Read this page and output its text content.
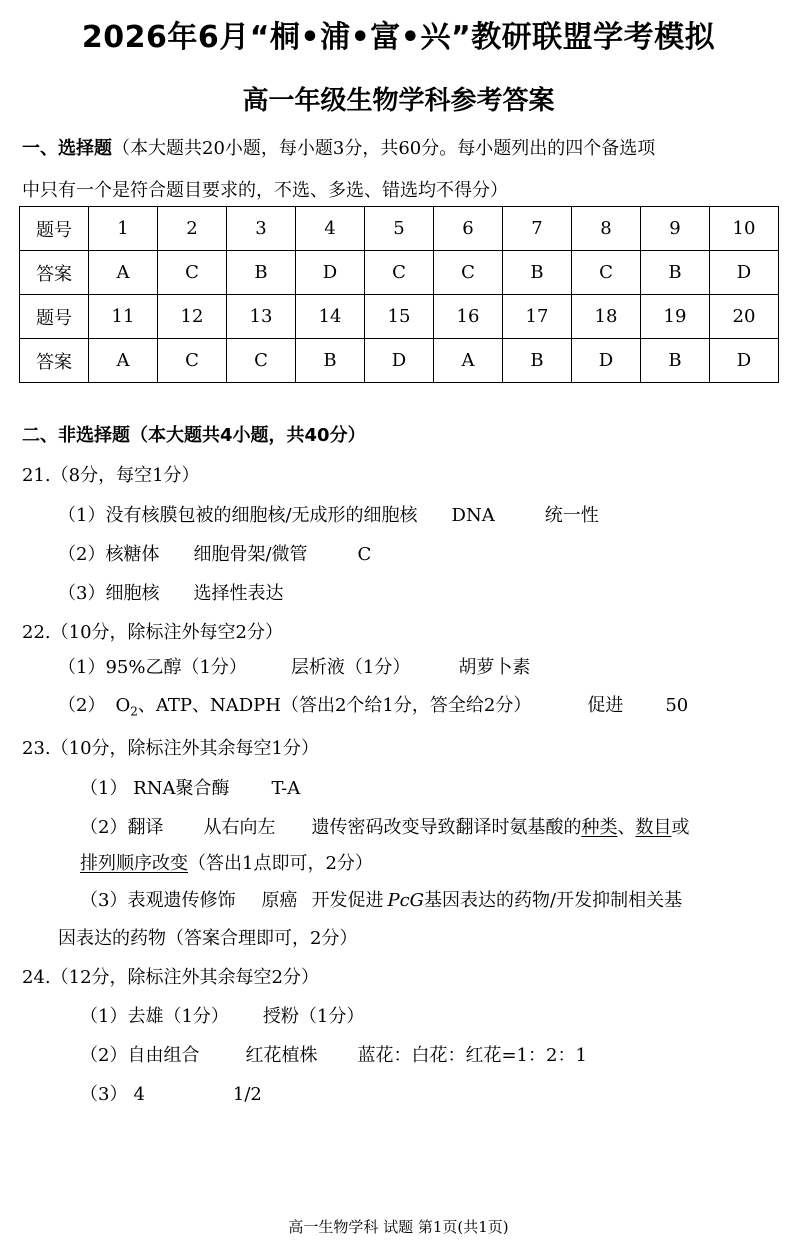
2026年6月“桐•浦•富•兴”教研联盟学考模拟
高一年级生物学科参考答案
一、选择题（本大题共20小题，每小题3分，共60分。每小题列出的四个备选项
中只有一个是符合题目要求的，不选、多选、错选均不得分）
题号	1	2	3	4	5	6	7	8	9	10
答案	A	C	B	D	C	C	B	C	B	D
题号	11	12	13	14	15	16	17	18	19	20
答案	A	C	C	B	D	A	B	D	B	D
二、非选择题（本大题共4小题，共40分）
21.（8分，每空1分）
（1）没有核膜包被的细胞核/无成形的细胞核 DNA	统一性
（2）核糖体 细胞骨架/微管	C
（3）细胞核 选择性表达
22.（10分，除标注外每空2分）
（1）95%乙醇（1分） 层析液（1分）	胡萝卜素
（2） $O_2$、ATP、NADPH（答出2个给1分，答全给2分）	促进 50
23.（10分，除标注外其余每空1分）
（1） RNA聚合酶 T-A
（2）翻译 从右向左 遗传密码改变导致翻译时氨基酸的种类、数目或
排列顺序改变（答出1点即可，2分）
（3）表观遗传修饰 原癌 开发促进 PcG基因表达的药物/开发抑制相关基
因表达的药物（答案合理即可，2分）
24.（12分，除标注外其余每空2分）
（1）去雄（1分） 授粉（1分）
（2）自由组合	红花植株 蓝花：白花：红花=1：2：1
（3） 4	1/2
高一生物学科 试题 第1页(共1页)
